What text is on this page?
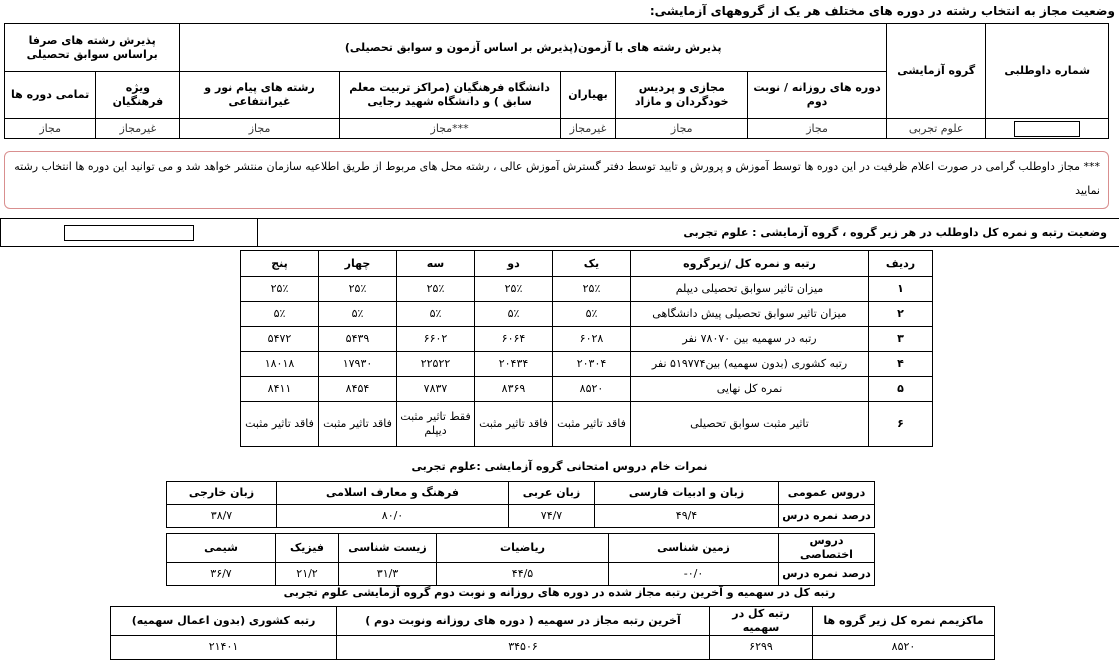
وضعیت مجاز به انتخاب رشته در دوره های مختلف هر یک از گروههای آزمایشی:
شماره داوطلبی	گروه آزمایشی	پذیرش رشته های با آزمون(پذیرش بر اساس آزمون و سوابق تحصیلی)					پذیرش رشته های صرفا براساس سوابق تحصیلی	
		دوره های روزانه / نوبت دوم	مجازی و پردیس خودگردان و مازاد	بهیاران	دانشگاه فرهنگیان (مراکز تربیت معلم سابق ) و دانشگاه شهید رجایی	رشته های پیام نور و غیرانتفاعی	ویژه فرهنگیان	تمامی دوره ها
	علوم تجربی	مجاز	مجاز	غیرمجاز	***مجاز	مجاز	غیرمجاز	مجاز
*** مجاز داوطلب گرامی در صورت اعلام ظرفیت در این دوره ها توسط آموزش و پرورش و تایید توسط دفتر گسترش آموزش عالی ، رشته محل های مربوط از طریق اطلاعیه سازمان منتشر خواهد شد و می توانید این دوره ها انتخاب رشته نمایید
وضعیت رتبه و نمره کل داوطلب در هر زیر گروه ، گروه آزمایشی : علوم تجربی	
ردیف	رتبه و نمره کل /زیرگروه	یک	دو	سه	چهار	پنج	
۱	میزان تاثیر سوابق تحصیلی دیپلم	۲۵٪	۲۵٪	۲۵٪	۲۵٪	۲۵٪	
۲	میزان تاثیر سوابق تحصیلی پیش دانشگاهی	۵٪	۵٪	۵٪	۵٪	۵٪	
۳	رتبه در سهمیه بین ۷۸۰۷۰ نفر	۶۰۲۸	۶۰۶۴	۶۶۰۲	۵۴۳۹	۵۴۷۲	
۴	رتبه کشوری (بدون سهمیه) بین۵۱۹۷۷۴ نفر	۲۰۳۰۴	۲۰۴۳۴	۲۲۵۲۲	۱۷۹۳۰	۱۸۰۱۸	
۵	نمره کل نهایی	۸۵۲۰	۸۳۶۹	۷۸۳۷	۸۴۵۴	۸۴۱۱	
۶	تاثیر مثبت سوابق تحصیلی	فاقد تاثیر مثبت	فاقد تاثیر مثبت	فقط تاثیر مثبت دیپلم	فاقد تاثیر مثبت	فاقد تاثیر مثبت	
نمرات خام دروس امتحانی گروه آزمایشی :علوم تجربی
دروس عمومی	زبان و ادبیات فارسی	زبان عربی	فرهنگ و معارف اسلامی	زبان خارجی
درصد نمره درس	۴۹/۴	۷۴/۷	۸۰/۰	۳۸/۷
دروس اختصاصی	زمین شناسی	ریاضیات	زیست شناسی	فیزیک	شیمی
درصد نمره درس	۰/۰-	۴۴/۵	۳۱/۳	۲۱/۲	۳۶/۷
رتبه کل در سهمیه و آخرین رتبه مجاز شده در دوره های روزانه و نوبت دوم گروه آزمایشی علوم تجربی
ماکزیمم نمره کل زیر گروه ها	رتبه کل در سهمیه	آخرین رتبه مجاز در سهمیه ( دوره های روزانه ونوبت دوم )	رتبه کشوری (بدون اعمال سهمیه)
۸۵۲۰	۶۲۹۹	۳۴۵۰۶	۲۱۴۰۱
